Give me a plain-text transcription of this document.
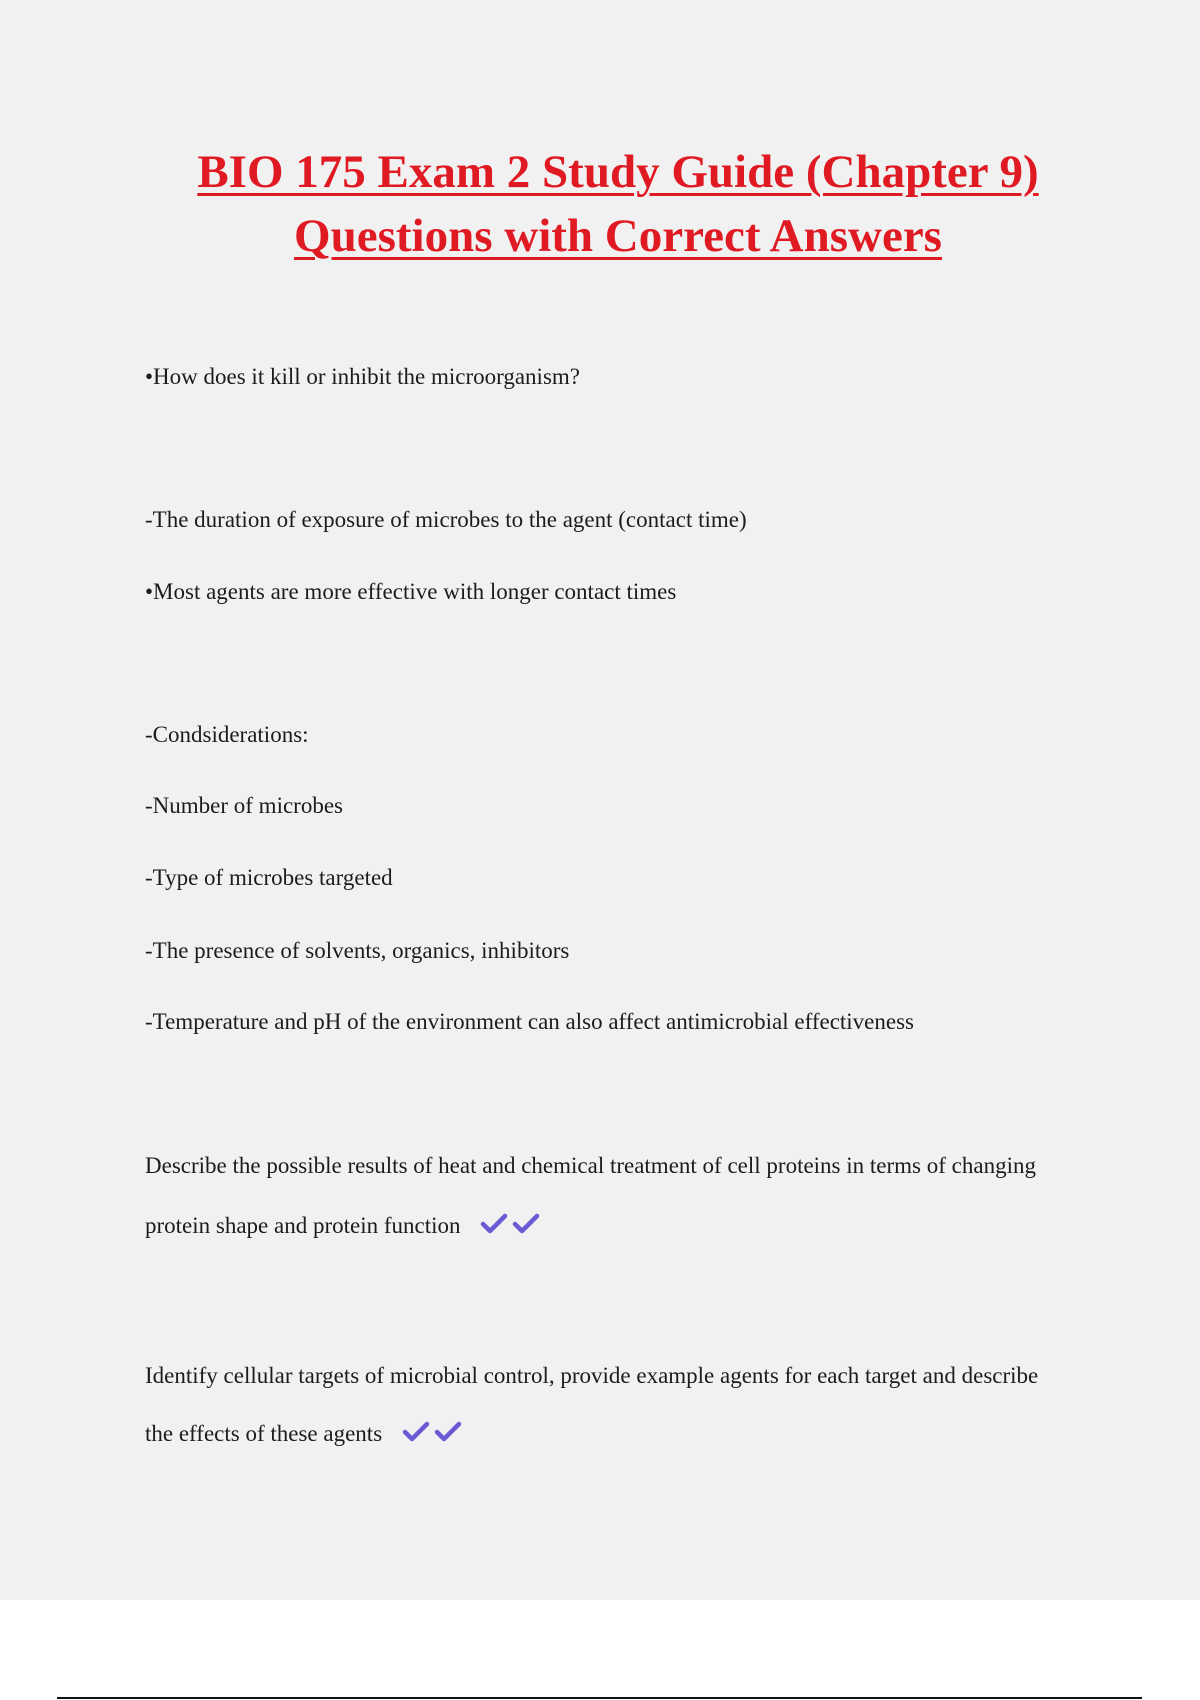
BIO 175 Exam 2 Study Guide (Chapter 9)
Questions with Correct Answers
•How does it kill or inhibit the microorganism?
-The duration of exposure of microbes to the agent (contact time)
•Most agents are more effective with longer contact times
-Condsiderations:
-Number of microbes
-Type of microbes targeted
-The presence of solvents, organics, inhibitors
-Temperature and pH of the environment can also affect antimicrobial effectiveness
Describe the possible results of heat and chemical treatment of cell proteins in terms of changing
protein shape and protein function
Identify cellular targets of microbial control, provide example agents for each target and describe
the effects of these agents
